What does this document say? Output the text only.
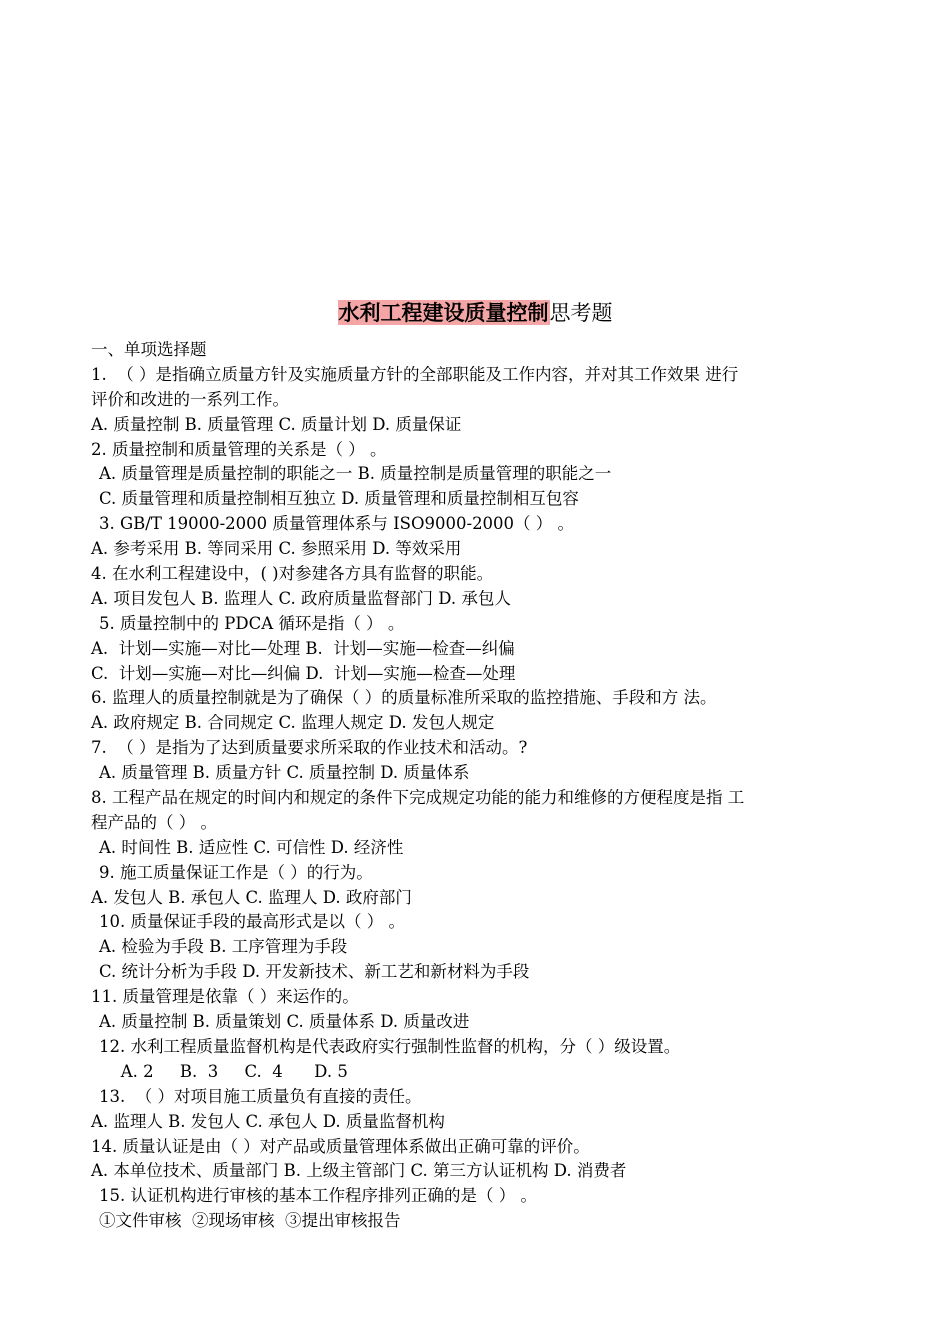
水利工程建设质量控制思考题
一、单项选择题
1.  （ ）是指确立质量方针及实施质量方针的全部职能及工作内容，并对其工作效果 进行
评价和改进的一系列工作。
A. 质量控制 B. 质量管理 C. 质量计划 D. 质量保证
2. 质量控制和质量管理的关系是（ ） 。
A. 质量管理是质量控制的职能之一 B. 质量控制是质量管理的职能之一
C. 质量管理和质量控制相互独立 D. 质量管理和质量控制相互包容
3. GB/T 19000-2000 质量管理体系与 ISO9000-2000（ ） 。
A. 参考采用 B. 等同采用 C. 参照采用 D. 等效采用
4. 在水利工程建设中，( )对参建各方具有监督的职能。
A. 项目发包人 B. 监理人 C. 政府质量监督部门 D. 承包人
5. 质量控制中的 PDCA 循环是指（ ） 。
A.  计划—实施—对比—处理 B.  计划—实施—检查—纠偏
C.  计划—实施—对比—纠偏 D.  计划—实施—检查—处理
6. 监理人的质量控制就是为了确保（ ）的质量标准所采取的监控措施、手段和方 法。
A. 政府规定 B. 合同规定 C. 监理人规定 D. 发包人规定
7.  （ ）是指为了达到质量要求所采取的作业技术和活动。?
A. 质量管理 B. 质量方针 C. 质量控制 D. 质量体系
8. 工程产品在规定的时间内和规定的条件下完成规定功能的能力和维修的方便程度是指 工
程产品的（ ） 。
A. 时间性 B. 适应性 C. 可信性 D. 经济性
9. 施工质量保证工作是（ ）的行为。
A. 发包人 B. 承包人 C. 监理人 D. 政府部门
10. 质量保证手段的最高形式是以（ ） 。
A. 检验为手段 B. 工序管理为手段
C. 统计分析为手段 D. 开发新技术、新工艺和新材料为手段
11. 质量管理是依靠（ ）来运作的。
A. 质量控制 B. 质量策划 C. 质量体系 D. 质量改进
12. 水利工程质量监督机构是代表政府实行强制性监督的机构，分（ ）级设置。
A. 2     B.  3     C.  4      D. 5
13.  （ ）对项目施工质量负有直接的责任。
A. 监理人 B. 发包人 C. 承包人 D. 质量监督机构
14. 质量认证是由（ ）对产品或质量管理体系做出正确可靠的评价。
A. 本单位技术、质量部门 B. 上级主管部门 C. 第三方认证机构 D. 消费者
15. 认证机构进行审核的基本工作程序排列正确的是（ ） 。
①文件审核  ②现场审核  ③提出审核报告
